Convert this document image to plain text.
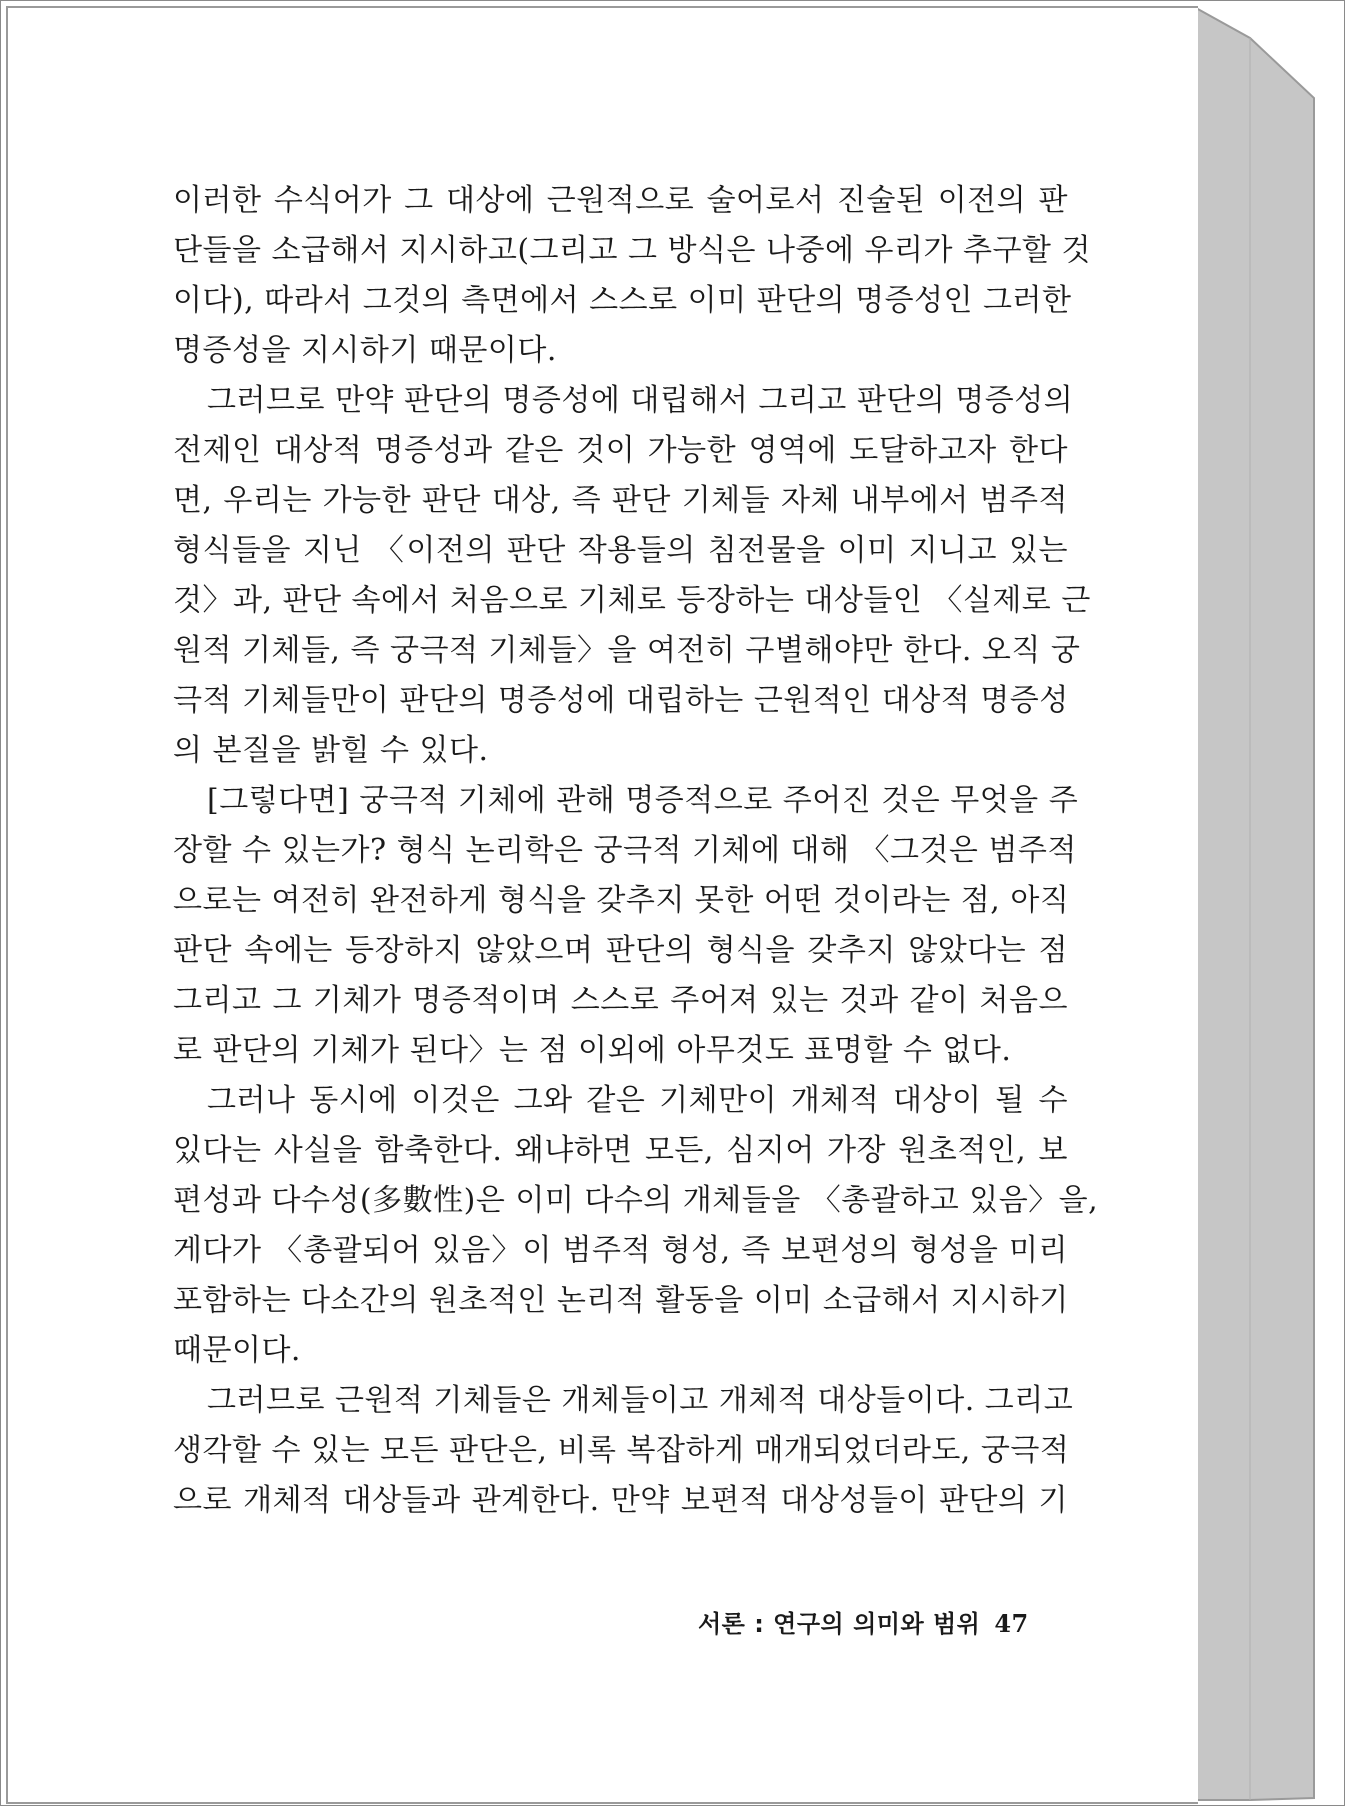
이러한 수식어가 그 대상에 근원적으로 술어로서 진술된 이전의 판
단들을 소급해서 지시하고(그리고 그 방식은 나중에 우리가 추구할 것
이다), 따라서 그것의 측면에서 스스로 이미 판단의 명증성인 그러한
명증성을 지시하기 때문이다.
그러므로 만약 판단의 명증성에 대립해서 그리고 판단의 명증성의
전제인 대상적 명증성과 같은 것이 가능한 영역에 도달하고자 한다
면, 우리는 가능한 판단 대상, 즉 판단 기체들 자체 내부에서 범주적
형식들을 지닌 〈이전의 판단 작용들의 침전물을 이미 지니고 있는
것〉과, 판단 속에서 처음으로 기체로 등장하는 대상들인 〈실제로 근
원적 기체들, 즉 궁극적 기체들〉을 여전히 구별해야만 한다. 오직 궁
극적 기체들만이 판단의 명증성에 대립하는 근원적인 대상적 명증성
의 본질을 밝힐 수 있다.
[그렇다면] 궁극적 기체에 관해 명증적으로 주어진 것은 무엇을 주
장할 수 있는가? 형식 논리학은 궁극적 기체에 대해 〈그것은 범주적
으로는 여전히 완전하게 형식을 갖추지 못한 어떤 것이라는 점, 아직
판단 속에는 등장하지 않았으며 판단의 형식을 갖추지 않았다는 점
그리고 그 기체가 명증적이며 스스로 주어져 있는 것과 같이 처음으
로 판단의 기체가 된다〉는 점 이외에 아무것도 표명할 수 없다.
그러나 동시에 이것은 그와 같은 기체만이 개체적 대상이 될 수
있다는 사실을 함축한다. 왜냐하면 모든, 심지어 가장 원초적인, 보
편성과 다수성(多數性)은 이미 다수의 개체들을 〈총괄하고 있음〉을,
게다가 〈총괄되어 있음〉이 범주적 형성, 즉 보편성의 형성을 미리
포함하는 다소간의 원초적인 논리적 활동을 이미 소급해서 지시하기
때문이다.
그러므로 근원적 기체들은 개체들이고 개체적 대상들이다. 그리고
생각할 수 있는 모든 판단은, 비록 복잡하게 매개되었더라도, 궁극적
으로 개체적 대상들과 관계한다. 만약 보편적 대상성들이 판단의 기
서론 : 연구의 의미와 범위 47
